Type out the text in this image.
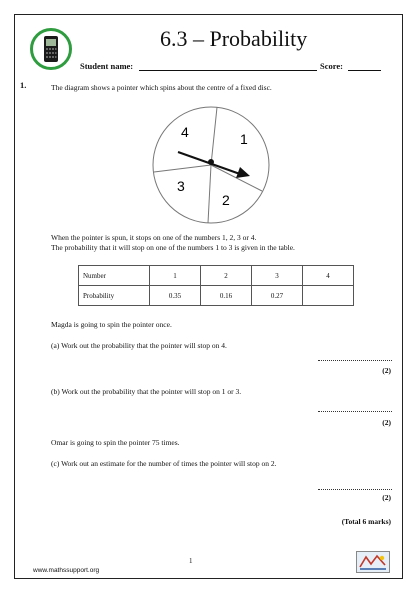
6.3 – Probability
Student name:	Score:
1.	The diagram shows a pointer which spins about the centre of a fixed disc.
4	1
3
2
When the pointer is spun, it stops on one of the numbers 1, 2, 3 or 4.
The probability that it will stop on one of the numbers 1 to 3 is given in the table.
Number	1	2	3	4
Probability	0.35	0.16	0.27	
Magda is going to spin the pointer once.
(a) Work out the probability that the pointer will stop on 4.
(2)
(b) Work out the probability that the pointer will stop on 1 or 3.
(2)
Omar is going to spin the pointer 75 times.
(c) Work out an estimate for the number of times the pointer will stop on 2.
(2)
(Total 6 marks)
1
www.mathssupport.org
